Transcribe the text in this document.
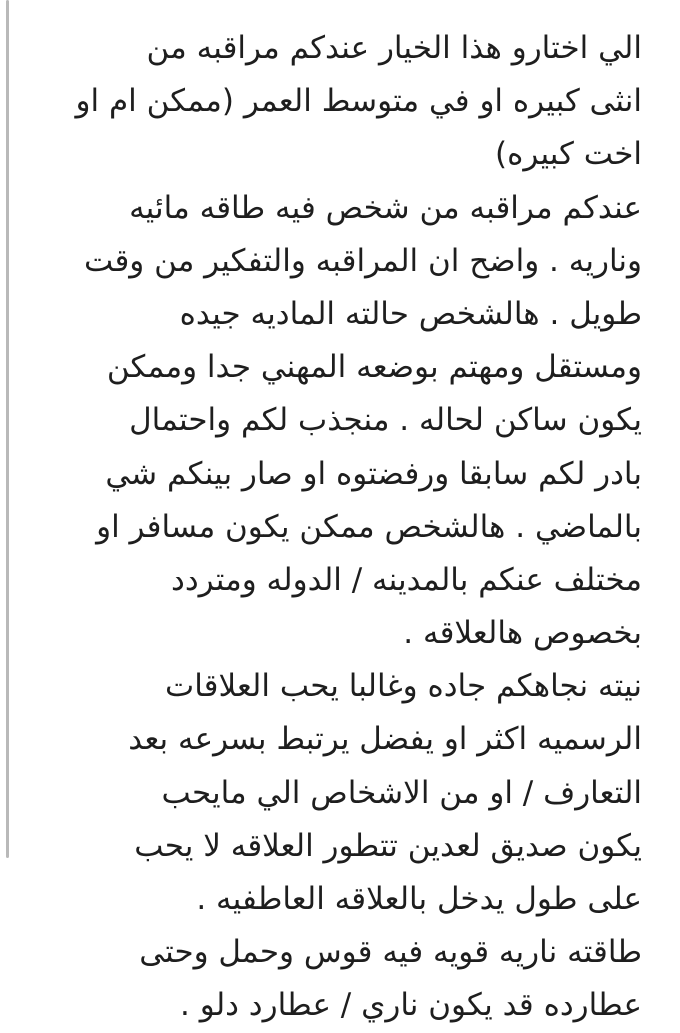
الي اختارو هذا الخيار عندكم مراقبه من
انثى كبيره او في متوسط العمر (ممكن ام او
اخت كبيره)
عندكم مراقبه من شخص فيه طاقه مائيه
وناريه . واضح ان المراقبه والتفكير من وقت
طويل . هالشخص حالته الماديه جيده
ومستقل ومهتم بوضعه المهني جدا وممكن
يكون ساكن لحاله . منجذب لكم واحتمال
بادر لكم سابقا ورفضتوه او صار بينكم شي
بالماضي . هالشخص ممكن يكون مسافر او
مختلف عنكم بالمدينه / الدوله ومتردد
بخصوص هالعلاقه .
نيته نجاهكم جاده وغالبا يحب العلاقات
الرسميه اكثر او يفضل يرتبط بسرعه بعد
التعارف / او من الاشخاص الي مايحب
يكون صديق لعدين تتطور العلاقه لا يحب
على طول يدخل بالعلاقه العاطفيه .
طاقته ناريه قويه فيه قوس وحمل وحتى
عطارده قد يكون ناري / عطارد دلو .
